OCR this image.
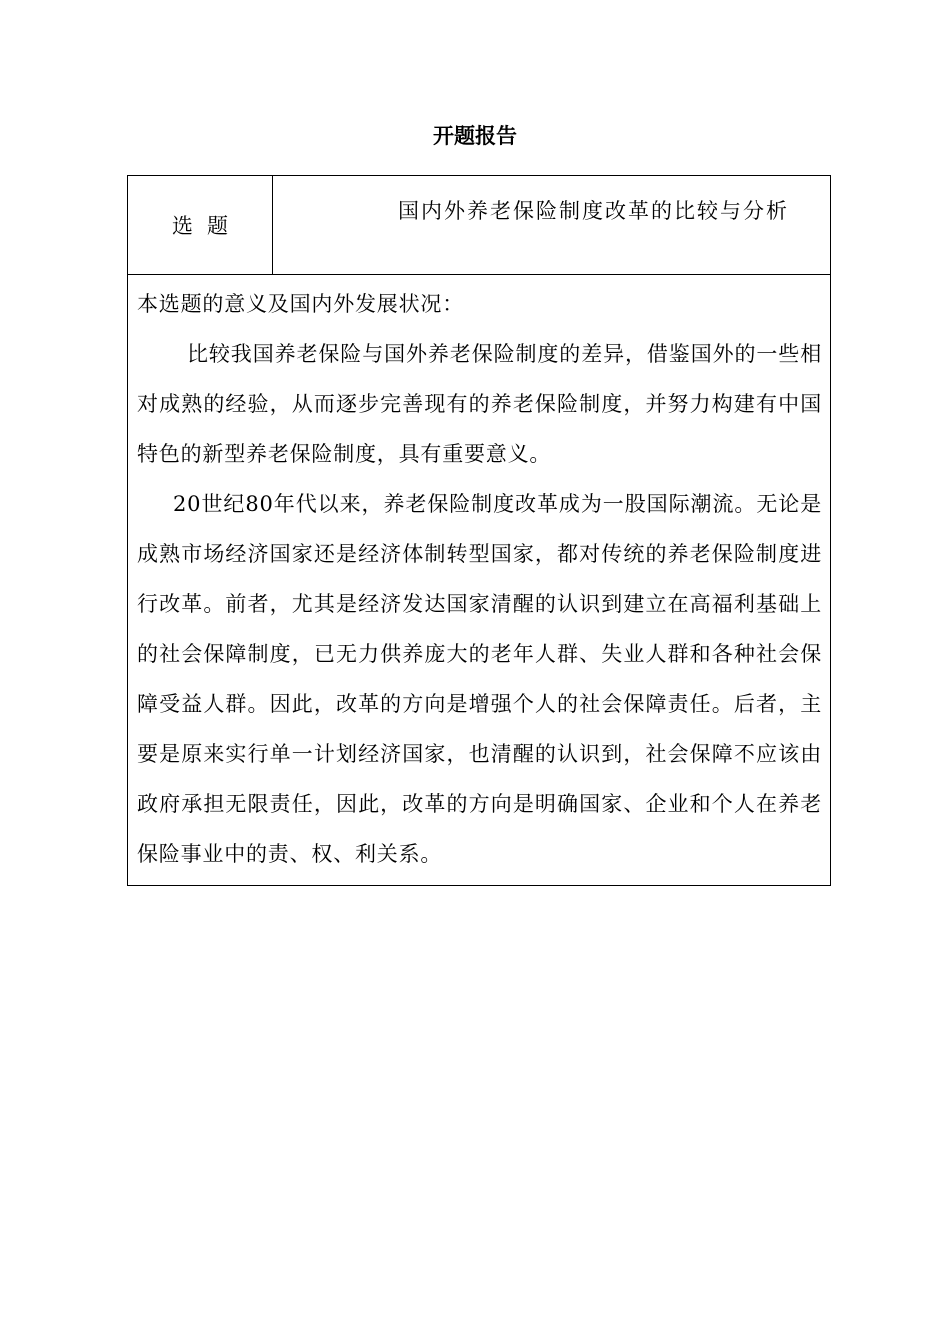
开题报告
选题	国内外养老保险制度改革的比较与分析

本选题的意义及国内外发展状况：

比较我国养老保险与国外养老保险制度的差异，借鉴国外的一些相对成熟的经验，从而逐步完善现有的养老保险制度，并努力构建有中国特色的新型养老保险制度，具有重要意义。

20世纪80年代以来，养老保险制度改革成为一股国际潮流。无论是成熟市场经济国家还是经济体制转型国家，都对传统的养老保险制度进行改革。前者，尤其是经济发达国家清醒的认识到建立在高福利基础上的社会保障制度，已无力供养庞大的老年人群、失业人群和各种社会保障受益人群。因此，改革的方向是增强个人的社会保障责任。后者，主要是原来实行单一计划经济国家，也清醒的认识到，社会保障不应该由政府承担无限责任，因此，改革的方向是明确国家、企业和个人在养老保险事业中的责、权、利关系。
